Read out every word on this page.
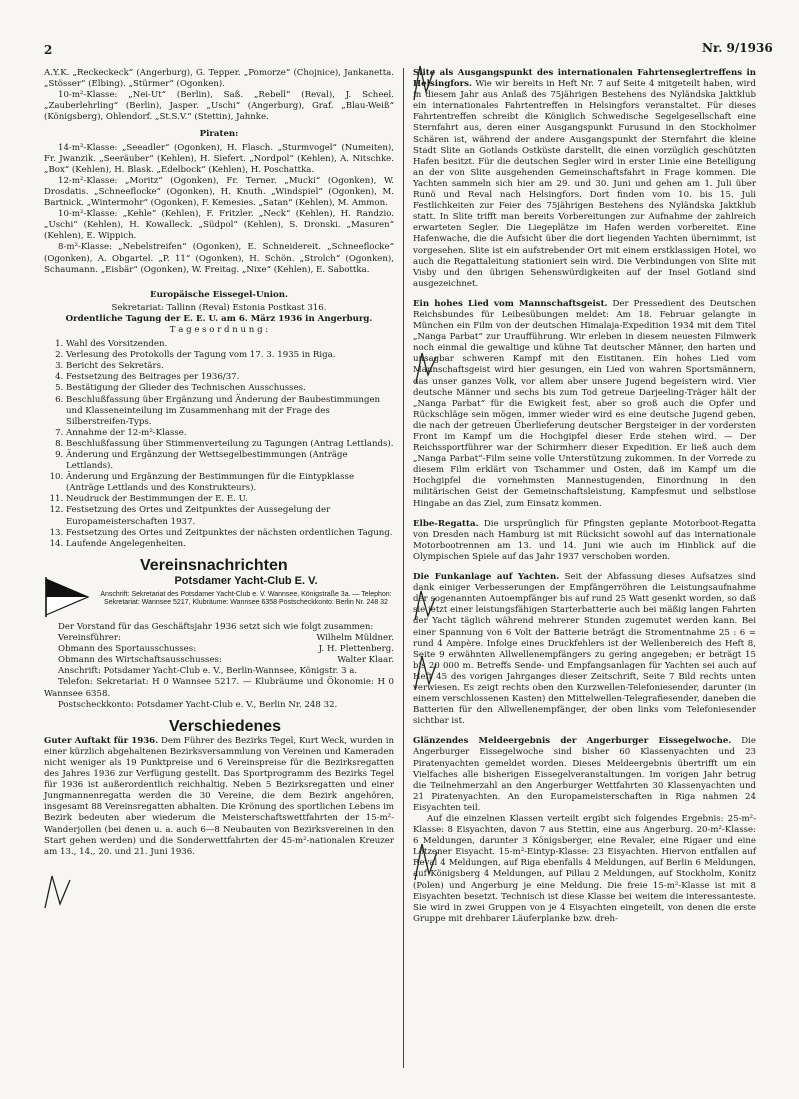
2	Nr. 9/1936

A.Y.K. „Reckeckeck“ (Angerburg), G. Tepper. „Pomorze“ (Chojnice), Jankanetta. „Stösser“ (Elbing). „Stürmer“ (Ogonken).

10-m²-Klasse: „Nei-Ut“ (Berlin), Saß. „Rebell“ (Reval), J. Scheel. „Zauberlehrling“ (Berlin), Jasper. „Uschi“ (Angerburg), Graf. „Blau-Weiß“ (Königsberg), Ohlendorf. „St.S.V.“ (Stettin), Jahnke.

Piraten:

14-m²-Klasse: „Seeadler“ (Ogonken), H. Flasch. „Sturmvogel“ (Numeiten), Fr. Jwanzik. „Seeräuber“ (Kehlen), H. Siefert. „Nordpol“ (Kehlen), A. Nitschke. „Box“ (Kehlen), H. Blask. „Edelbock“ (Kehlen), H. Poschattka.

12-m²-Klasse: „Moritz“ (Ogonken), Fr. Terner. „Mucki“ (Ogonken), W. Drosdatis. „Schneeflocke“ (Ogonken), H. Knuth. „Windspiel“ (Ogonken), M. Bartnick. „Wintermohr“ (Ogonken), F. Kemesies. „Satan“ (Kehlen), M. Ammon.

10-m²-Klasse: „Kehle“ (Kehlen), F. Fritzler. „Neck“ (Kehlen), H. Randzio. „Uschi“ (Kehlen), H. Kowalleck. „Südpol“ (Kehlen), S. Dronski. „Masuren“ (Kehlen), E. Wippich.

8-m²-Klasse: „Nebelstreifen“ (Ogonken), E. Schneidereit. „Schneeflocke“ (Ogonken), A. Obgartel. „P. 11“ (Ogonken), H. Schön. „Strolch“ (Ogonken), Schaumann. „Eisbär“ (Ogonken), W. Freitag. „Nixe“ (Kehlen), E. Sabottka.

Europäische Eissegel-Union.

Sekretariat: Tallinn (Reval) Estonia Postkast 316.

Ordentliche Tagung der E. E. U. am 6. März 1936 in Angerburg.

T a g e s o r d n u n g :

1. Wahl des Vorsitzenden.
2. Verlesung des Protokolls der Tagung vom 17. 3. 1935 in Riga.
3. Bericht des Sekretärs.
4. Festsetzung des Beitrages per 1936/37.
5. Bestätigung der Glieder des Technischen Ausschusses.
6. Beschlußfassung über Ergänzung und Änderung der Baubestimmungen und Klasseneinteilung im Zusammenhang mit der Frage des Silberstreifen-Typs.
7. Annahme der 12-m²-Klasse.
8. Beschlußfassung über Stimmenverteilung zu Tagungen (Antrag Lettlands).
9. Änderung und Ergänzung der Wettsegelbestimmungen (Anträge Lettlands).
10. Änderung und Ergänzung der Bestimmungen für die Eintypklasse (Anträge Lettlands und des Konstrukteurs).
11. Neudruck der Bestimmungen der E. E. U.
12. Festsetzung des Ortes und Zeitpunktes der Aussegelung der Europameisterschaften 1937.
13. Festsetzung des Ortes und Zeitpunktes der nächsten ordentlichen Tagung.
14. Laufende Angelegenheiten.
Vereinsnachrichten
Potsdamer Yacht-Club E. V.
Anschrift: Sekretariat des Potsdamer Yacht-Club e. V. Wannsee, Königstraße 3a. — Telephon: Sekretariat: Wannsee 5217, Klubräume: Wannsee 6358 Postscheckkonto: Berlin Nr. 248 32

Der Vorstand für das Geschäftsjahr 1936 setzt sich wie folgt zusammen:

Vereinsführer:	Wilhelm Müldner.
Obmann des Sportausschusses:	J. H. Plettenberg.
Obmann des Wirtschaftsausschusses:	Walter Klaar.

Anschrift: Potsdamer Yacht-Club e. V., Berlin-Wannsee, Königstr. 3 a.

Telefon: Sekretariat: H 0 Wannsee 5217. — Klubräume und Ökonomie: H 0 Wannsee 6358.

Postscheckkonto: Potsdamer Yacht-Club e. V., Berlin Nr. 248 32.

Verschiedenes

Guter Auftakt für 1936. Dem Führer des Bezirks Tegel, Kurt Weck, wurden in einer kürzlich abgehaltenen Bezirksversammlung von Vereinen und Kameraden nicht weniger als 19 Punktpreise und 6 Vereinspreise für die Bezirksregatten des Jahres 1936 zur Verfügung gestellt. Das Sportprogramm des Bezirks Tegel für 1936 ist außerordentlich reichhaltig. Neben 5 Bezirksregatten und einer Jungmannenregatta werden die 30 Vereine, die dem Bezirk angehören, insgesamt 88 Vereinsregatten abhalten. Die Krönung des sportlichen Lebens im Bezirk bedeuten aber wiederum die Meisterschaftswettfahrten der 15-m²-Wanderjollen (bei denen u. a. auch 6—8 Neubauten von Bezirksvereinen in den Start gehen werden) und die Sonderwettfahrten der 45-m²-nationalen Kreuzer am 13., 14., 20. und 21. Juni 1936.

Slite als Ausgangspunkt des internationalen Fahrtenseglertreffens in Helsingfors. Wie wir bereits in Heft Nr. 7 auf Seite 4 mitgeteilt haben, wird in diesem Jahr aus Anlaß des 75jährigen Bestehens des Nyländska Jaktklub ein internationales Fahrtentreffen in Helsingfors veranstaltet. Für dieses Fahrtentreffen schreibt die Königlich Schwedische Segelgesellschaft eine Sternfahrt aus, deren einer Ausgangspunkt Furusund in den Stockholmer Schären ist, während der andere Ausgangspunkt der Sternfahrt die kleine Stadt Slite an Gotlands Ostküste darstellt, die einen vorzüglich geschützten Hafen besitzt. Für die deutschen Segler wird in erster Linie eine Beteiligung an der von Slite ausgehenden Gemeinschaftsfahrt in Frage kommen. Die Yachten sammeln sich hier am 29. und 30. Juni und gehen am 1. Juli über Runö und Reval nach Helsingfors. Dort finden vom 10. bis 15. Juli Festlichkeiten zur Feier des 75jährigen Bestehens des Nyländska Jaktklub statt. In Slite trifft man bereits Vorbereitungen zur Aufnahme der zahlreich erwarteten Segler. Die Liegeplätze im Hafen werden vorbereitet. Eine Hafenwache, die die Aufsicht über die dort liegenden Yachten übernimmt, ist vorgesehen. Slite ist ein aufstrebender Ort mit einem erstklassigen Hotel, wo auch die Regattaleitung stationiert sein wird. Die Verbindungen von Slite mit Visby und den übrigen Sehenswürdigkeiten auf der Insel Gotland sind ausgezeichnet.

Ein hohes Lied vom Mannschaftsgeist. Der Pressedient des Deutschen Reichsbundes für Leibesübungen meldet: Am 18. Februar gelangte in München ein Film von der deutschen Himalaja-Expedition 1934 mit dem Titel „Nanga Parbat“ zur Uraufführung. Wir erleben in diesem neuesten Filmwerk noch einmal die gewaltige und kühne Tat deutscher Männer, den harten und unsagbar schweren Kampf mit den Eistitanen. Ein hohes Lied vom Mannschaftsgeist wird hier gesungen, ein Lied von wahren Sportsmännern, das unser ganzes Volk, vor allem aber unsere Jugend begeistern wird. Vier deutsche Männer und sechs bis zum Tod getreue Darjeeling-Träger hält der „Nanga Parbat“ für die Ewigkeit fest, aber so groß auch die Opfer und Rückschläge sein mögen, immer wieder wird es eine deutsche Jugend geben, die nach der getreuen Überlieferung deutscher Bergsteiger in der vordersten Front im Kampf um die Hochgipfel dieser Erde stehen wird. — Der Reichssportführer war der Schirmherr dieser Expedition. Er ließ auch dem „Nanga Parbat“-Film seine volle Unterstützung zukommen. In der Vorrede zu diesem Film erklärt von Tschammer und Osten, daß im Kampf um die Hochgipfel die vornehmsten Mannestugenden, Einordnung in den militärischen Geist der Gemeinschaftsleistung, Kampfesmut und selbstlose Hingabe an das Ziel, zum Einsatz kommen.

Elbe-Regatta. Die ursprünglich für Pfingsten geplante Motorboot-Regatta von Dresden nach Hamburg ist mit Rücksicht sowohl auf das internationale Motorbootrennen am 13. und 14. Juni wie auch im Hinblick auf die Olympischen Spiele auf das Jahr 1937 verschoben worden.

Die Funkanlage auf Yachten. Seit der Abfassung dieses Aufsatzes sind dank einiger Verbesserungen der Empfängerröhren die Leistungsaufnahme der sogenannten Autoempfänger bis auf rund 25 Watt gesenkt worden, so daß sie jetzt einer leistungsfähigen Starterbatterie auch bei mäßig langen Fahrten der Yacht täglich während mehrerer Stunden zugemutet werden kann. Bei einer Spannung von 6 Volt der Batterie beträgt die Stromentnahme 25 : 6 = rund 4 Ampère. Infolge eines Druckfehlers ist der Wellenbereich des Heft 8, Seite 9 erwähnten Allwellenempfängers zu gering angegeben; er beträgt 15 bis 20 000 m. Betreffs Sende- und Empfangsanlagen für Yachten sei auch auf Heft 45 des vorigen Jahrganges dieser Zeitschrift, Seite 7 Bild rechts unten verwiesen. Es zeigt rechts oben den Kurzwellen-Telefoniesender, darunter (in einem verschlossenen Kasten) den Mittelwellen-Telegrafiesender, daneben die Batterien für den Allwellenempfänger, der oben links vom Telefoniesender sichtbar ist.

Glänzendes Meldeergebnis der Angerburger Eissegelwoche. Die Angerburger Eissegelwoche sind bisher 60 Klassenyachten und 23 Piratenyachten gemeldet worden. Dieses Meldeergebnis übertrifft um ein Vielfaches alle bisherigen Eissegelveranstaltungen. Im vorigen Jahr betrug die Teilnehmerzahl an den Angerburger Wettfahrten 30 Klassenyachten und 21 Piratenyachten. An den Europameisterschaften in Riga nahmen 24 Eisyachten teil.

Auf die einzelnen Klassen verteilt ergibt sich folgendes Ergebnis: 25-m²-Klasse: 8 Eisyachten, davon 7 aus Stettin, eine aus Angerburg. 20-m²-Klasse: 6 Meldungen, darunter 3 Königsberger, eine Revaler, eine Rigaer und eine Lötzener Eisyacht. 15-m²-Eintyp-Klasse: 23 Eisyachten. Hiervon entfallen auf Reval 4 Meldungen, auf Riga ebenfalls 4 Meldungen, auf Berlin 6 Meldungen, auf Königsberg 4 Meldungen, auf Pillau 2 Meldungen, auf Stockholm, Konitz (Polen) und Angerburg je eine Meldung. Die freie 15-m²-Klasse ist mit 8 Eisyachten besetzt. Technisch ist diese Klasse bei weitem die interessanteste. Sie wird in zwei Gruppen von je 4 Eisyachten eingeteilt, von denen die erste Gruppe mit drehbarer Läuferplanke bzw. dreh-
